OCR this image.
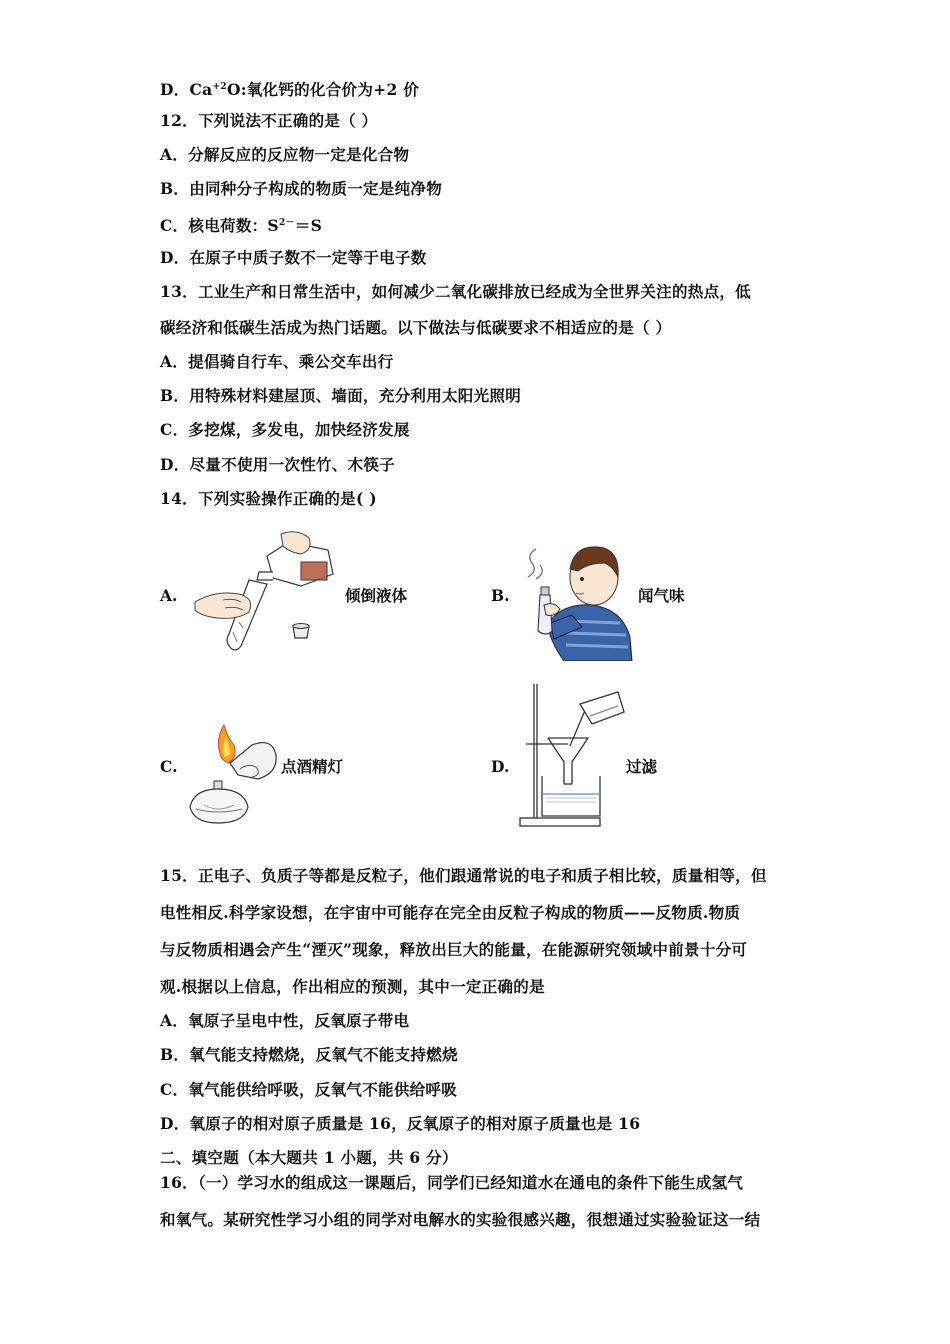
D．$Ca^{+2}O$:氧化钙的化合价为+2 价
12．下列说法不正确的是（ ）
A．分解反应的反应物一定是化合物
B．由同种分子构成的物质一定是纯净物
C．核电荷数：$S^{2-}=S$
D．在原子中质子数不一定等于电子数
13．工业生产和日常生活中，如何减少二氧化碳排放已经成为全世界关注的热点，低
碳经济和低碳生活成为热门话题。以下做法与低碳要求不相适应的是（ ）
A．提倡骑自行车、乘公交车出行
B．用特殊材料建屋顶、墙面，充分利用太阳光照明
C．多挖煤，多发电，加快经济发展
D．尽量不使用一次性竹、木筷子
14．下列实验操作正确的是( )
A.	倾倒液体	B.	闻气味
C.	点酒精灯	D.	过滤
15．正电子、负质子等都是反粒子，他们跟通常说的电子和质子相比较，质量相等，但
电性相反.科学家设想，在宇宙中可能存在完全由反粒子构成的物质——反物质.物质
与反物质相遇会产生“湮灭”现象，释放出巨大的能量，在能源研究领域中前景十分可
观.根据以上信息，作出相应的预测，其中一定正确的是
A．氧原子呈电中性，反氧原子带电
B．氧气能支持燃烧，反氧气不能支持燃烧
C．氧气能供给呼吸，反氧气不能供给呼吸
D．氧原子的相对原子质量是 16，反氧原子的相对原子质量也是 16
二、填空题（本大题共 1 小题，共 6 分）
16．（一）学习水的组成这一课题后，同学们已经知道水在通电的条件下能生成氢气
和氧气。某研究性学习小组的同学对电解水的实验很感兴趣，很想通过实验验证这一结
